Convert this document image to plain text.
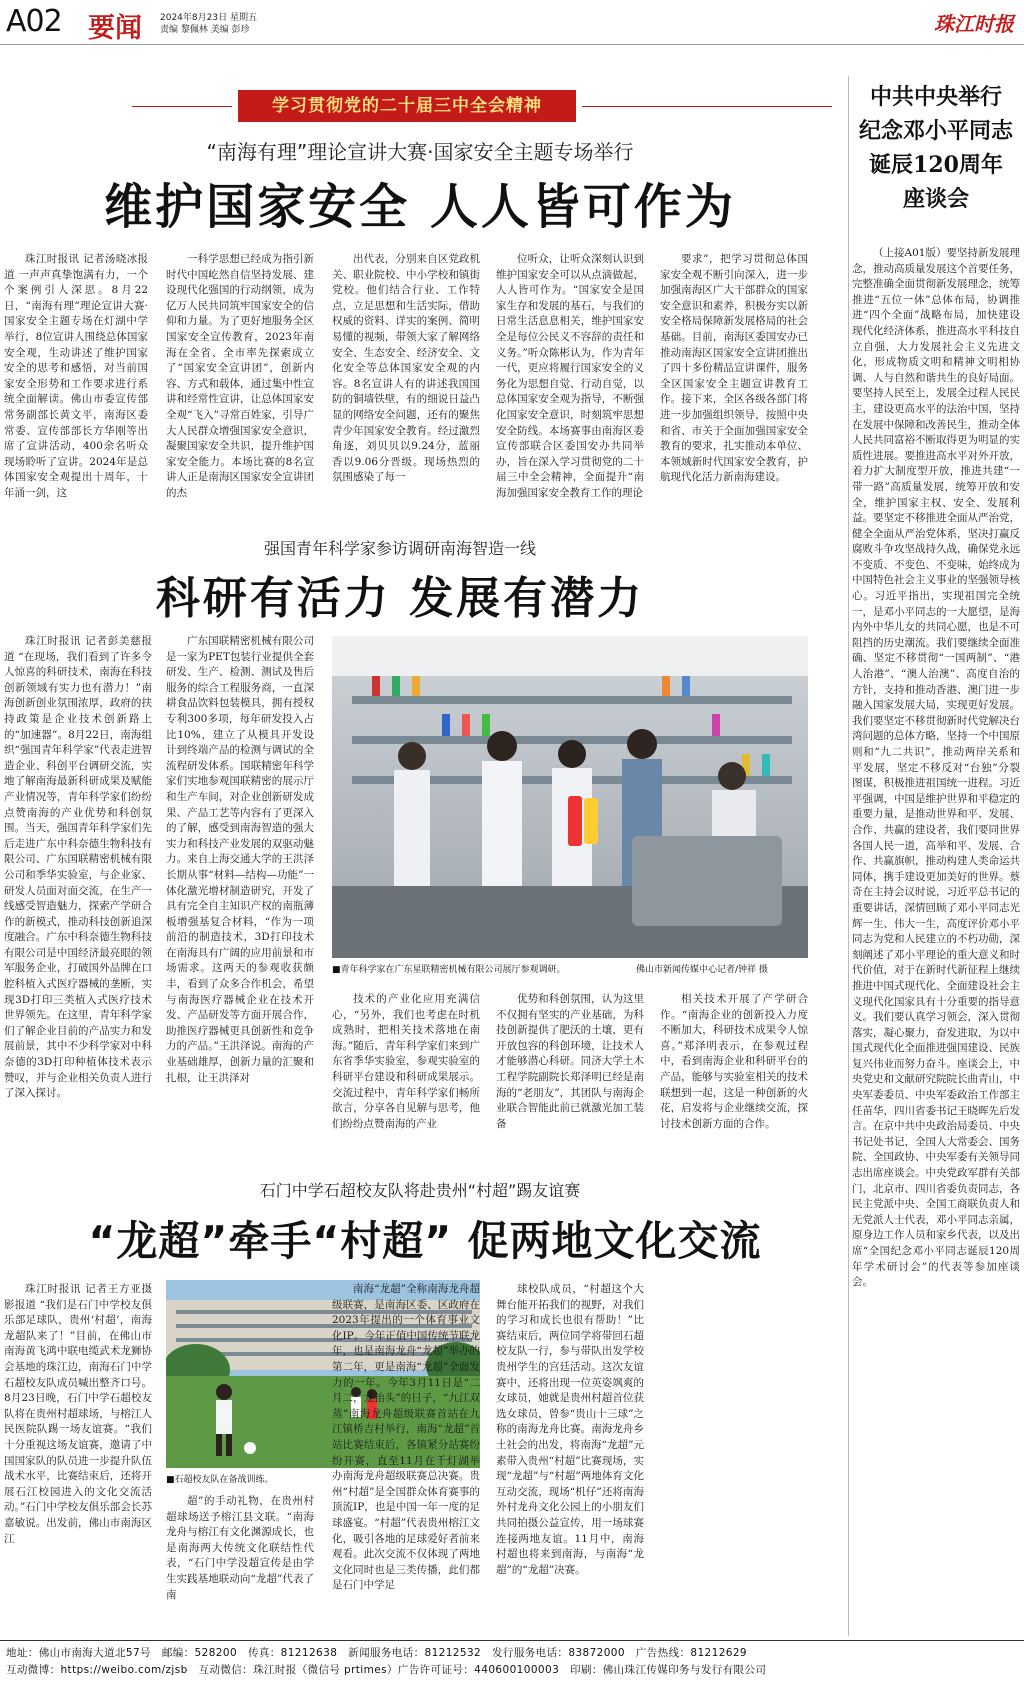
A02 要闻 2024年8月23日 星期五
责编 黎佩林 美编 彭珍	珠江时报
学习贯彻党的二十届三中全会精神
“南海有理”理论宣讲大赛·国家安全主题专场举行
维护国家安全 人人皆可作为

珠江时报讯 记者汤晓冰报道 一声声真挚饱满有力，一个个案例引人深思。8月22日，“南海有理”理论宣讲大赛·国家安全主题专场在灯湖中学举行，8位宣讲人围绕总体国家安全观，生动讲述了维护国家安全的思考和感悟，对当前国家安全形势和工作要求进行系统全面解读。佛山市委宣传部常务副部长黄文平，南海区委常委、宣传部部长方华刚等出席了宣讲活动，400余名听众现场聆听了宣讲。2024年是总体国家安全观提出十周年，十年涌一剑，这

一科学思想已经成为指引新时代中国屹然自信坚持发展、建设现代化强国的行动纲领，成为亿万人民共同筑牢国家安全的信仰和力量。为了更好地服务全区国家安全宣传教育，2023年南海在全省、全市率先探索成立了“国家安全宣讲团”，创新内容、方式和载体，通过集中性宣讲和经常性宣讲，让总体国家安全观“飞入”寻常百姓家，引导广大人民群众增强国家安全意识，凝聚国家安全共识，提升维护国家安全能力。本场比赛的8名宣讲人正是南海区国家安全宣讲团的杰

出代表，分别来自区党政机关、职业院校、中小学校和镇街党校。他们结合行业、工作特点，立足思想和生活实际，借助权威的资料、详实的案例、简明易懂的视频，带领大家了解网络安全、生态安全、经济安全、文化安全等总体国家安全观的内容。8名宣讲人有的讲述我国国防的铜墙铁壁，有的细说日益凸显的网络安全问题，还有的聚焦青少年国家安全教育。经过激烈角逐，刘贝贝以9.24分，蓝丽香以9.06分晋级。现场热烈的氛围感染了每一

位听众，让听众深刻认识到维护国家安全可以从点滴做起，人人皆可作为。“国家安全是国家生存和发展的基石，与我们的日常生活息息相关，维护国家安全是每位公民义不容辞的责任和义务。”听众陈彬认为，作为青年一代，更应将履行国家安全的义务化为思想自觉、行动自觉，以总体国家安全观为指导，不断强化国家安全意识，时刻筑牢思想安全防线。本场赛事由南海区委宣传部联合区委国安办共同举办，旨在深入学习贯彻党的二十届三中全会精神，全面提升“南海加强国家安全教育工作的理论

要求”，把学习贯彻总体国家安全观不断引向深入，进一步加强南海区广大干部群众的国家安全意识和素养，积极夯实以新安全格局保障新发展格局的社会基础。目前，南海区委国安办已推动南海区国家安全宣讲团推出了四十多份精品宣讲课件，服务全区国家安全主题宣讲教育工作。接下来，全区各级各部门将进一步加强组织领导，按照中央和省、市关于全面加强国家安全教育的要求，扎实推动本单位、本领域新时代国家安全教育，护航现代化活力新南海建设。

强国青年科学家参访调研南海智造一线
科研有活力 发展有潜力

珠江时报讯 记者彭美慈报道 “在现场，我们看到了许多令人惊喜的科研技术，南海在科技创新领域有实力也有潜力！”南海创新创业氛围浓厚，政府的扶持政策是企业技术创新路上的“加速器”。8月22日，南海组织“强国青年科学家”代表走进智造企业、科创平台调研交流，实地了解南海最新科研成果及赋能产业情况等，青年科学家们纷纷点赞南海的产业优势和科创氛围。当天，强国青年科学家们先后走进广东中科奈德生物科技有限公司、广东国联精密机械有限公司和季华实验室，与企业家、研发人员面对面交流，在生产一线感受智造魅力，探索产学研合作的新模式，推动科技创新追深度融合。广东中科奈德生物科技有限公司是中国经济最亮眼的领军服务企业，打破国外品牌在口腔科植入式医疗器械的垄断，实现3D打印三类植入式医疗技术世界领先。在这里，青年科学家们了解企业目前的产品实力和发展前景，其中不少科学家对中科奈德的3D打印种植体技术表示赞叹，并与企业相关负责人进行了深入探讨。

广东国联精密机械有限公司是一家为PET包装行业提供全套研发、生产、检测、测试及售后服务的综合工程服务商，一直深耕食品饮料包装模具，拥有授权专利300多项，每年研发投入占比10%，建立了从模具开发设计到终端产品的检测与调试的全流程研发体系。国联精密年科学家们实地参观国联精密的展示厅和生产车间，对企业创新研发成果、产品工艺等内容有了更深入的了解，感受到南海智造的强大实力和科技产业发展的双驱动魅力。来自上海交通大学的王洪泽长期从事“材料—结构—功能”一体化激光增材制造研究，开发了具有完全自主知识产权的南瓶薄板增强基复合材料，“作为一项前沿的制造技术，3D打印技术在南海具有广阔的应用前景和市场需求。这两天的参观收获颇丰，看到了众多合作机会，希望与南海医疗器械企业在技术开发、产品研发等方面开展合作，助推医疗器械更具创新性和竞争力的产品。”王洪泽说。南海的产业基础雄厚，创新力量的汇聚和扎根，让王洪泽对

■青年科学家在广东星联精密机械有限公司展厅参观调研。	佛山市新闻传媒中心记者/钟祥 摄

技术的产业化应用充满信心，“另外，我们也考虑在时机成熟时，把相关技术落地在南海。”随后，青年科学家们来到广东省季华实验室，参观实验室的科研平台建设和科研成果展示。交流过程中，青年科学家们畅所欲言，分享各自见解与思考，他们纷纷点赞南海的产业

优势和科创氛围，认为这里不仅拥有坚实的产业基础，为科技创新提供了肥沃的土壤，更有开放包容的科创环境，让技术人才能够潜心科研。同济大学土木工程学院副院长郑泽明已经是南海的“老朋友”，其团队与南海企业联合智能此前已就激光加工装备

相关技术开展了产学研合作。“南海企业的创新投入力度不断加大，科研技术成果令人惊喜。”郑泽明表示，在参观过程中，看到南海企业和科研平台的产品，能够与实验室相关的技术联想到一起，这是一种创新的火花，启发将与企业继续交流，探讨技术创新方面的合作。

石门中学石超校友队将赴贵州“村超”踢友谊赛
“龙超”牵手“村超” 促两地文化交流

珠江时报讯 记者王方亚摄影报道 “我们是石门中学校友俱乐部足球队，贵州‘村超’，南海龙超队来了！”目前，在佛山市南海黄飞鸿中联电缆武术龙狮协会基地的珠江边，南海石门中学石超校友队成员喊出整齐口号。8月23日晚，石门中学石超校友队将在贵州村超球场，与榕江人民医院队踢一场友谊赛。“我们十分重视这场友谊赛，邀请了中国国家队的队员进一步提升队伍战术水平，比赛结束后，还将开展石江校园进入的文化交流活动。”石门中学校友俱乐部会长苏嘉敏说。出发前，佛山市南海区江

■石超校友队在备战训练。

超”的手动礼物，在贵州村超球场送予榕江县文联。“南海龙舟与榕江有文化渊源成长，也是南海两大传统文化联结性代表，“石门中学没超宣传是由学生实践基地联动向“龙超”代表了南

南海“龙超”全称南海龙舟超级联赛，是南海区委、区政府在2023年提出的一个体育事业文化IP。今年正值中国传统节联龙年，也是南海龙舟“龙超”举办的第二年，更是南海“龙超”全面发力的一年。今年3月11日是“二月二，龙抬头”的日子，“九江双蒸”南海龙舟超级联赛首站在九江镇桥吉村举行，南海“龙超”首站比赛结束后，各镇紧分站赛纷纷开赛，直至11月在千灯湖举办南海龙舟超级联赛总决赛。贵州“村超”是全国群众体育赛事的顶流IP，也是中国一年一度的足球盛宴。“村超”代表贵州榕江文化，吸引各地的足球爱好者前来观看。此次交流不仅体现了两地文化同时也是三类传播，此们都是石门中学足

球校队成员，“村超这个大舞台能开拓我们的视野，对我们的学习和成长也很有帮助！”比赛结束后，两位同学将带回石超校友队一行，参与带队出发学校贵州学生的宫廷活动。这次友谊赛中，还将出现一位英姿飒爽的女球员，她就是贵州村超首位获选女球员，曾参“贵山十三球”之称的南海龙舟比赛。南海龙舟乡土社会的出发，将南海“龙超”元素带入贵州“村超”比赛现场，实现“龙超”与“村超”两地体育文化互动交流，现场“机仔”还将南海外村龙舟文化公园上的小朋友们共同拍摄公益宣传，用一场球赛连接两地友谊。11月中，南海村超也将来到南海，与南海“龙超”的“龙超”决赛。

中共中央举行
纪念邓小平同志
诞辰120周年
座谈会

（上接A01版）要坚持新发展理念，推动高质量发展这个首要任务，完整准确全面贯彻新发展理念，统筹推进“五位一体”总体布局，协调推进“四个全面”战略布局，加快建设现代化经济体系，推进高水平科技自立自强，大力发展社会主义先进文化，形成物质文明和精神文明相协调、人与自然和谐共生的良好局面。要坚持人民至上，发展全过程人民民主，建设更高水平的法治中国，坚持在发展中保障和改善民生，推动全体人民共同富裕不断取得更为明显的实质性进展。要推进高水平对外开放，着力扩大制度型开放，推进共建“一带一路”高质量发展，统筹开放和安全，维护国家主权、安全、发展利益。要坚定不移推进全面从严治党，健全全面从严治党体系，坚决打赢反腐败斗争攻坚战持久战，确保党永远不变质、不变色、不变味，始终成为中国特色社会主义事业的坚强领导核心。习近平指出，实现祖国完全统一，是邓小平同志的一大愿望，是海内外中华儿女的共同心愿，也是不可阻挡的历史潮流。我们要继续全面准确、坚定不移贯彻“一国两制”、“港人治港”、“澳人治澳”、高度自治的方针，支持和推动香港、澳门进一步融入国家发展大局，实现更好发展。我们要坚定不移贯彻新时代党解决台湾问题的总体方略，坚持一个中国原则和“九二共识”，推动两岸关系和平发展，坚定不移反对“台独”分裂图谋，积极推进祖国统一进程。习近平强调，中国是维护世界和平稳定的重要力量，是推动世界和平、发展、合作、共赢的建设者，我们要同世界各国人民一道，高举和平、发展、合作、共赢旗帜，推动构建人类命运共同体，携手建设更加美好的世界。蔡奇在主持会议时说，习近平总书记的重要讲话，深情回顾了邓小平同志光辉一生、伟大一生，高度评价邓小平同志为党和人民建立的不朽功勋，深刻阐述了邓小平理论的重大意义和时代价值，对于在新时代新征程上继续推进中国式现代化、全面建设社会主义现代化国家具有十分重要的指导意义。我们要认真学习领会，深入贯彻落实，凝心聚力，奋发进取，为以中国式现代化全面推进强国建设、民族复兴伟业而努力奋斗。座谈会上，中央党史和文献研究院院长曲青山，中央军委委员、中央军委政治工作部主任苗华，四川省委书记王晓晖先后发言。在京中共中央政治局委员、中央书记处书记，全国人大常委会、国务院、全国政协、中央军委有关领导同志出席座谈会。中央党政军群有关部门，北京市、四川省委负责同志，各民主党派中央、全国工商联负责人和无党派人士代表，邓小平同志亲属，原身边工作人员和家乡代表，以及出席“全国纪念邓小平同志诞辰120周年学术研讨会”的代表等参加座谈会。

地址：佛山市南海大道北57号　邮编：528200　传真：81212638　新闻服务电话：81212532　发行服务电话：83872000　广告热线：81212629
互动微博：https://weibo.com/zjsb　互动微信：珠江时报（微信号 prtimes）广告许可证号：440600100003　印刷：佛山珠江传媒印务与发行有限公司
